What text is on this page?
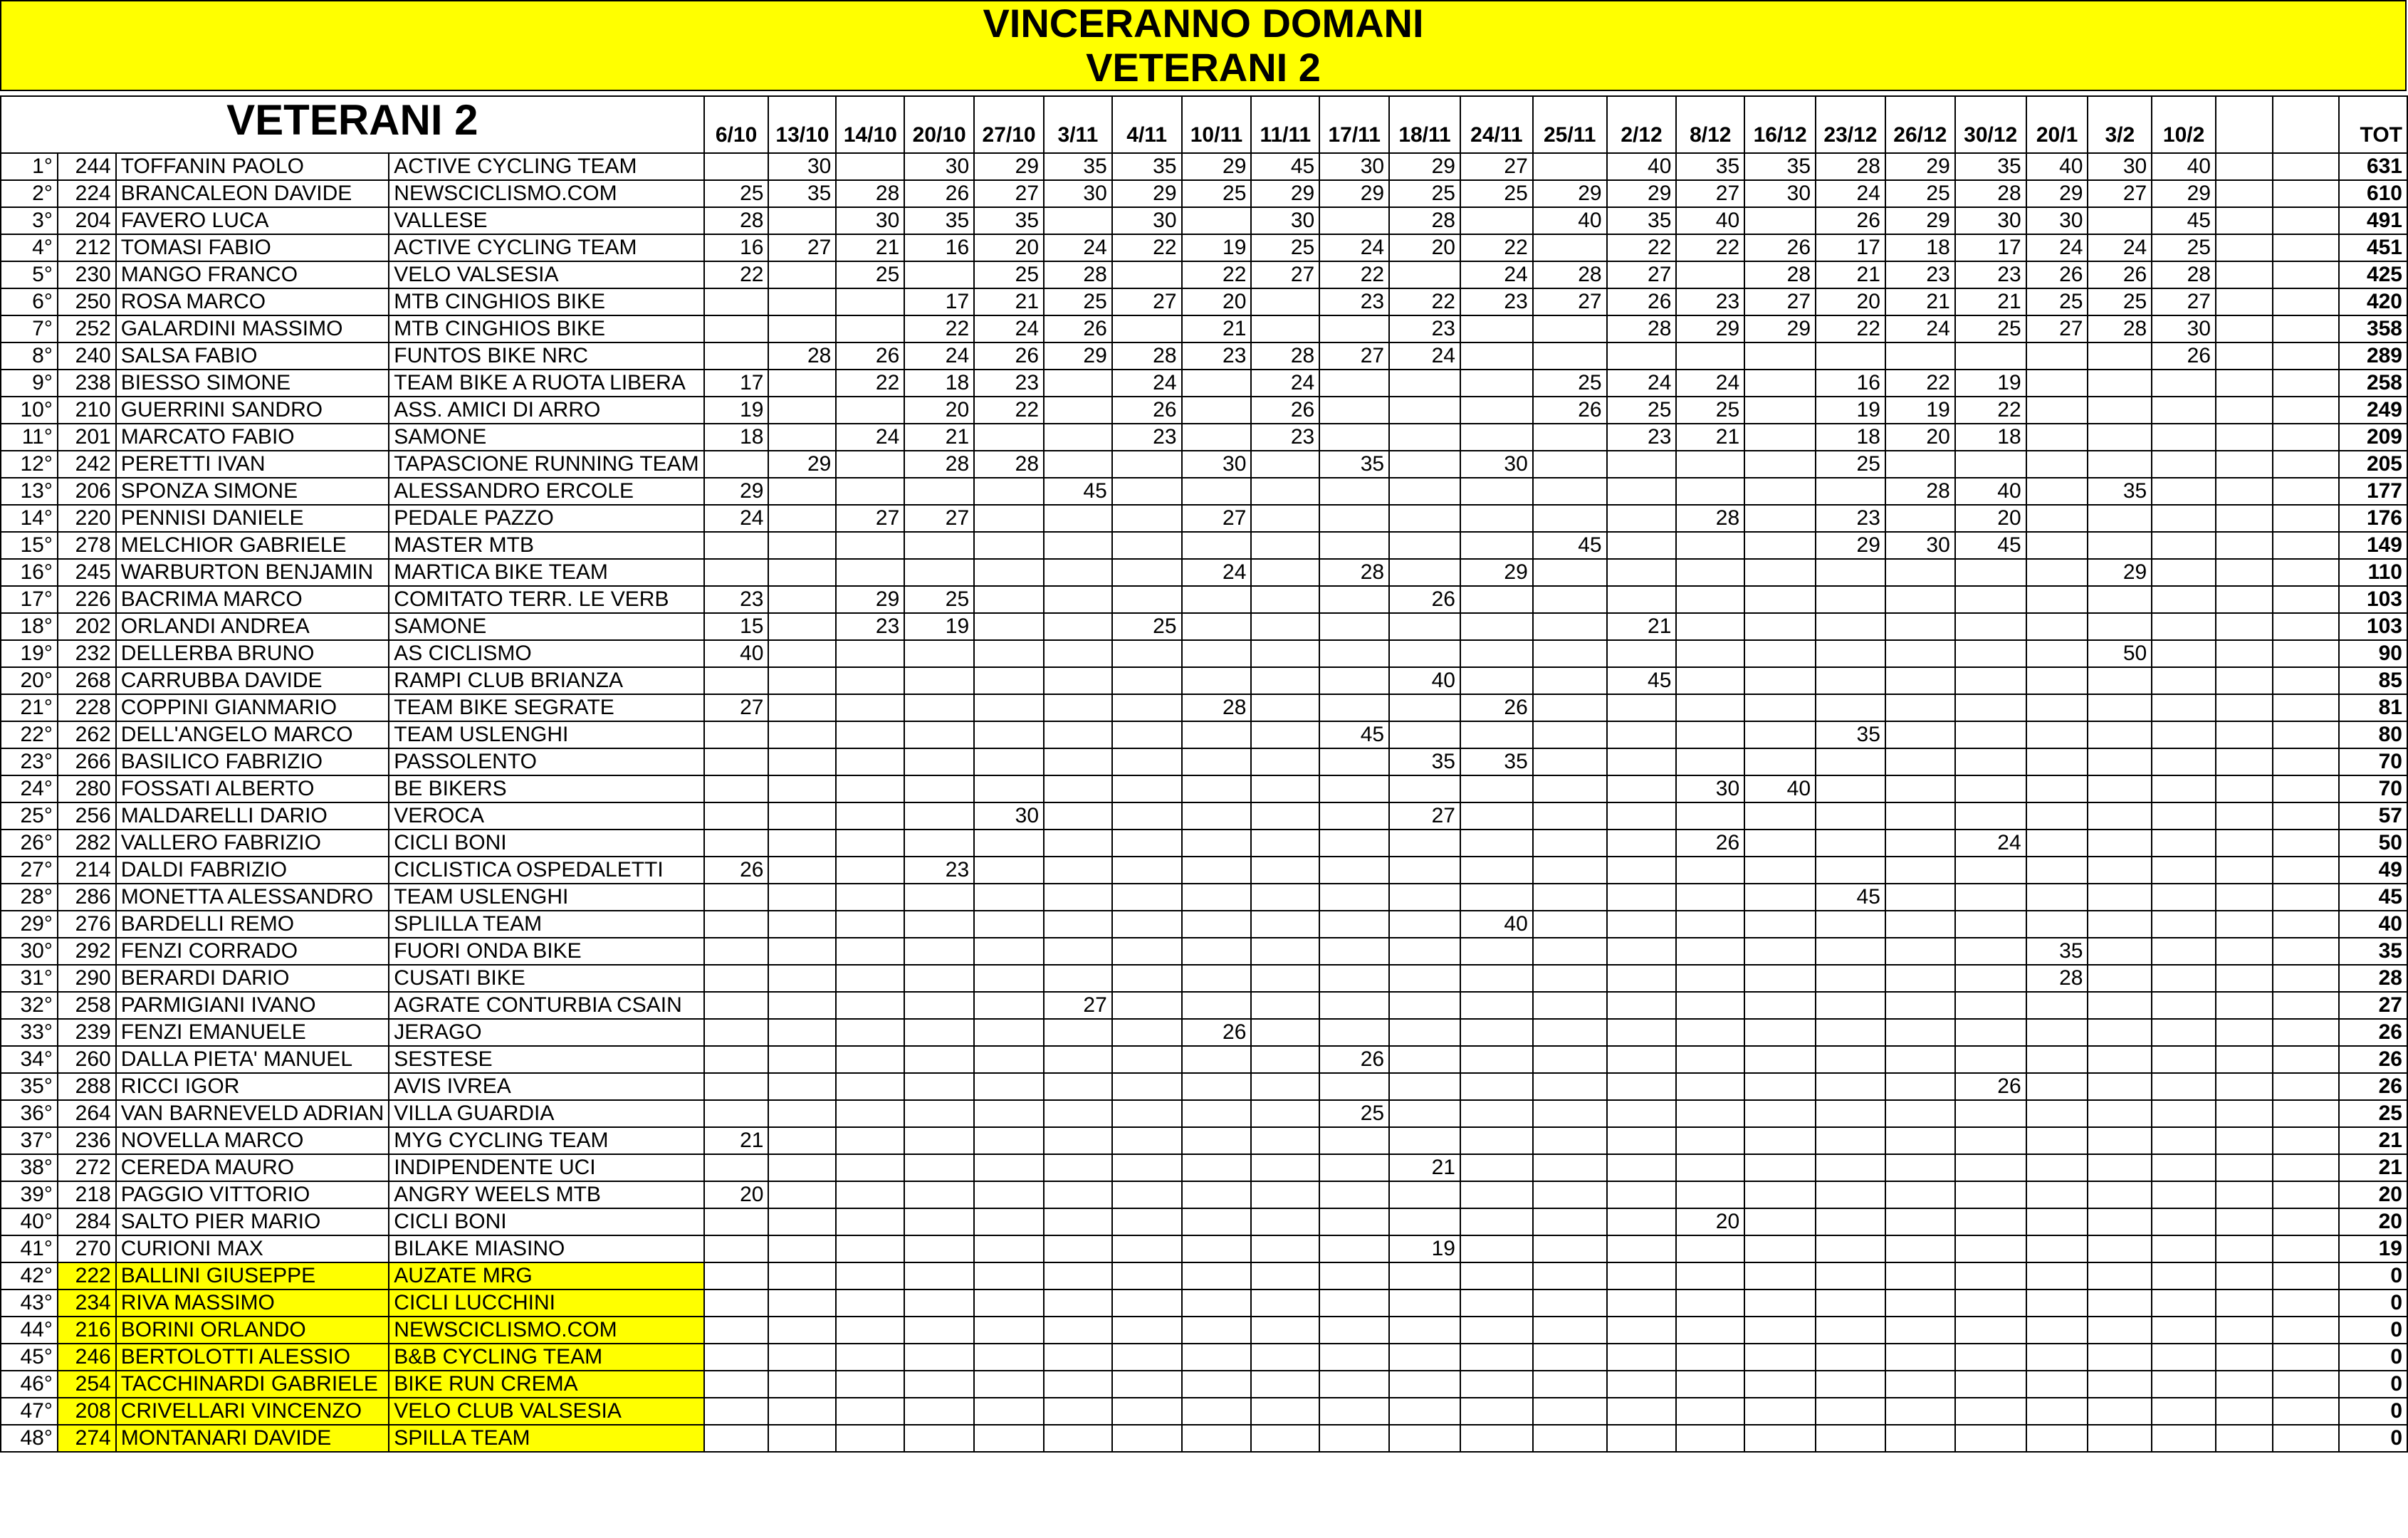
VINCERANNO DOMANI
VETERANI 2
VETERANI 2				6/10	13/10	14/10	20/10	27/10	3/11	4/11	10/11	11/11	17/11	18/11	24/11	25/11	2/12	8/12	16/12	23/12	26/12	30/12	20/1	3/2	10/2			TOT
1°	244	TOFFANIN PAOLO	ACTIVE CYCLING TEAM		30		30	29	35	35	29	45	30	29	27		40	35	35	28	29	35	40	30	40			631
2°	224	BRANCALEON DAVIDE	NEWSCICLISMO.COM	25	35	28	26	27	30	29	25	29	29	25	25	29	29	27	30	24	25	28	29	27	29			610
3°	204	FAVERO LUCA	VALLESE	28		30	35	35		30		30		28		40	35	40		26	29	30	30		45			491
4°	212	TOMASI FABIO	ACTIVE CYCLING TEAM	16	27	21	16	20	24	22	19	25	24	20	22		22	22	26	17	18	17	24	24	25			451
5°	230	MANGO FRANCO	VELO VALSESIA	22		25		25	28		22	27	22		24	28	27		28	21	23	23	26	26	28			425
6°	250	ROSA MARCO	MTB CINGHIOS BIKE				17	21	25	27	20		23	22	23	27	26	23	27	20	21	21	25	25	27			420
7°	252	GALARDINI MASSIMO	MTB CINGHIOS BIKE				22	24	26		21			23			28	29	29	22	24	25	27	28	30			358
8°	240	SALSA FABIO	FUNTOS BIKE NRC		28	26	24	26	29	28	23	28	27	24											26			289
9°	238	BIESSO SIMONE	TEAM BIKE A RUOTA LIBERA	17		22	18	23		24		24				25	24	24		16	22	19						258
10°	210	GUERRINI SANDRO	ASS. AMICI DI ARRO	19			20	22		26		26				26	25	25		19	19	22						249
11°	201	MARCATO FABIO	SAMONE	18		24	21			23		23					23	21		18	20	18						209
12°	242	PERETTI IVAN	TAPASCIONE RUNNING TEAM		29		28	28			30		35		30					25								205
13°	206	SPONZA SIMONE	ALESSANDRO ERCOLE	29					45												28	40		35				177
14°	220	PENNISI DANIELE	PEDALE PAZZO	24		27	27				27							28		23		20						176
15°	278	MELCHIOR GABRIELE	MASTER MTB													45				29	30	45						149
16°	245	WARBURTON BENJAMIN	MARTICA BIKE TEAM								24		28		29									29				110
17°	226	BACRIMA MARCO	COMITATO TERR. LE VERB	23		29	25							26														103
18°	202	ORLANDI ANDREA	SAMONE	15		23	19			25							21											103
19°	232	DELLERBA BRUNO	AS CICLISMO	40																				50				90
20°	268	CARRUBBA DAVIDE	RAMPI CLUB BRIANZA											40			45											85
21°	228	COPPINI GIANMARIO	TEAM BIKE SEGRATE	27							28				26													81
22°	262	DELL'ANGELO MARCO	TEAM USLENGHI										45							35								80
23°	266	BASILICO FABRIZIO	PASSOLENTO											35	35													70
24°	280	FOSSATI ALBERTO	BE BIKERS															30	40									70
25°	256	MALDARELLI DARIO	VEROCA					30						27														57
26°	282	VALLERO FABRIZIO	CICLI BONI															26				24						50
27°	214	DALDI FABRIZIO	CICLISTICA OSPEDALETTI	26			23																					49
28°	286	MONETTA ALESSANDRO	TEAM USLENGHI																	45								45
29°	276	BARDELLI REMO	SPLILLA TEAM												40													40
30°	292	FENZI CORRADO	FUORI ONDA BIKE																				35					35
31°	290	BERARDI DARIO	CUSATI BIKE																				28					28
32°	258	PARMIGIANI IVANO	AGRATE CONTURBIA CSAIN						27																			27
33°	239	FENZI EMANUELE	JERAGO								26																	26
34°	260	DALLA PIETA' MANUEL	SESTESE										26															26
35°	288	RICCI IGOR	AVIS IVREA																			26						26
36°	264	VAN BARNEVELD ADRIAN	VILLA GUARDIA										25															25
37°	236	NOVELLA MARCO	MYG CYCLING TEAM	21																								21
38°	272	CEREDA MAURO	INDIPENDENTE UCI											21														21
39°	218	PAGGIO VITTORIO	ANGRY WEELS MTB	20																								20
40°	284	SALTO PIER MARIO	CICLI BONI															20										20
41°	270	CURIONI MAX	BILAKE MIASINO											19														19
42°	222	BALLINI GIUSEPPE	AUZATE MRG																									0
43°	234	RIVA MASSIMO	CICLI LUCCHINI																									0
44°	216	BORINI ORLANDO	NEWSCICLISMO.COM																									0
45°	246	BERTOLOTTI ALESSIO	B&B CYCLING TEAM																									0
46°	254	TACCHINARDI GABRIELE	BIKE RUN CREMA																									0
47°	208	CRIVELLARI VINCENZO	VELO CLUB VALSESIA																									0
48°	274	MONTANARI DAVIDE	SPILLA TEAM																									0
